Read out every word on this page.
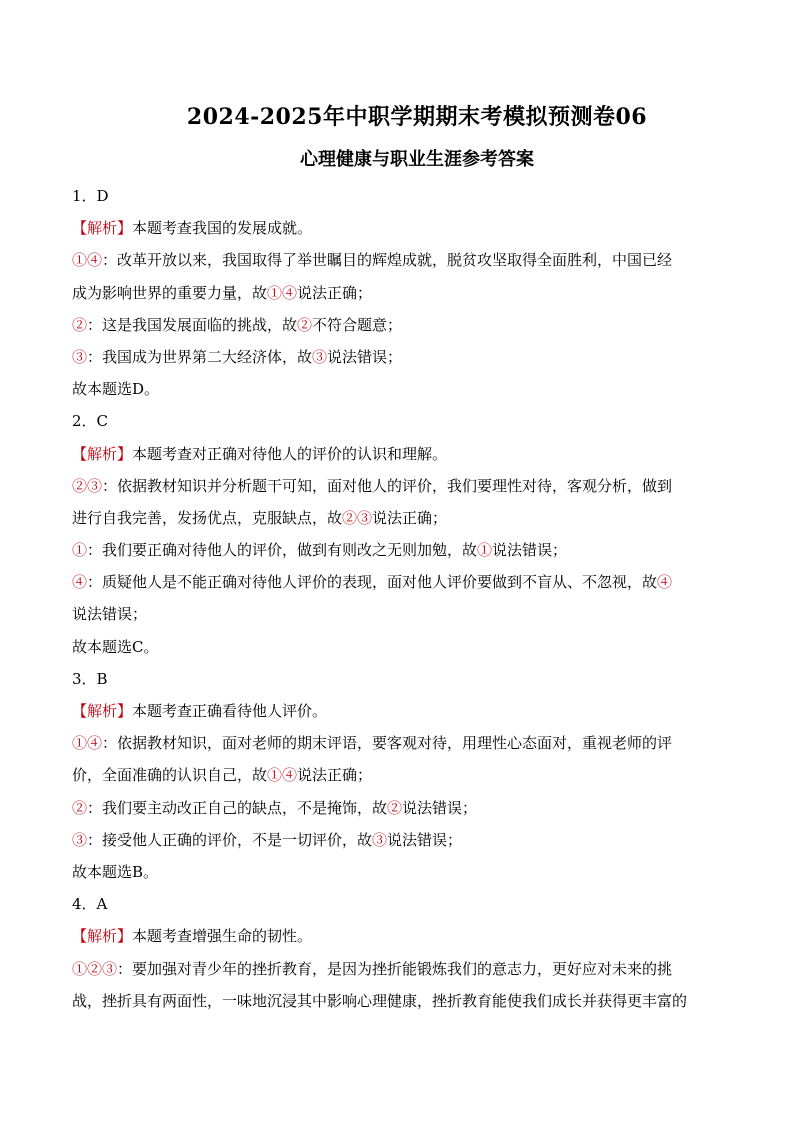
2024-2025年中职学期期末考模拟预测卷06
心理健康与职业生涯参考答案
1．D
【解析】本题考查我国的发展成就。
①④：改革开放以来，我国取得了举世瞩目的辉煌成就，脱贫攻坚取得全面胜利，中国已经
成为影响世界的重要力量，故①④说法正确；
②：这是我国发展面临的挑战，故②不符合题意；
③：我国成为世界第二大经济体，故③说法错误；
故本题选D。
2．C
【解析】本题考查对正确对待他人的评价的认识和理解。
②③：依据教材知识并分析题干可知，面对他人的评价，我们要理性对待，客观分析，做到
进行自我完善，发扬优点，克服缺点，故②③说法正确；
①：我们要正确对待他人的评价，做到有则改之无则加勉，故①说法错误；
④：质疑他人是不能正确对待他人评价的表现，面对他人评价要做到不盲从、不忽视，故④
说法错误；
故本题选C。
3．B
【解析】本题考查正确看待他人评价。
①④：依据教材知识，面对老师的期末评语，要客观对待，用理性心态面对，重视老师的评
价，全面准确的认识自己，故①④说法正确；
②：我们要主动改正自己的缺点，不是掩饰，故②说法错误；
③：接受他人正确的评价，不是一切评价，故③说法错误；
故本题选B。
4．A
【解析】本题考查增强生命的韧性。
①②③：要加强对青少年的挫折教育，是因为挫折能锻炼我们的意志力，更好应对未来的挑
战，挫折具有两面性，一味地沉浸其中影响心理健康，挫折教育能使我们成长并获得更丰富的
